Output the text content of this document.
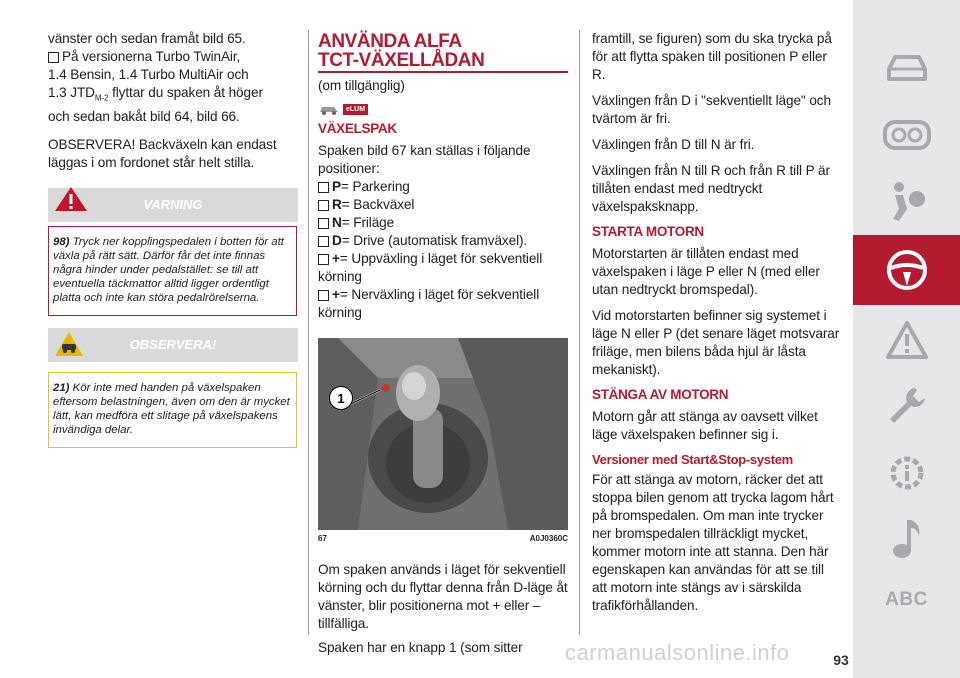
vänster och sedan framåt bild 65.

På versionerna Turbo TwinAir,
1.4 Bensin, 1.4 Turbo MultiAir och
1.3 $JTD_{M-2}$ flyttar du spaken åt höger
och sedan bakåt bild 64, bild 66.

OBSERVERA! Backväxeln kan endast läggas i om fordonet står helt stilla.

VARNING
98) Tryck ner kopplingspedalen i botten för att växla på rätt sätt. Därför får det inte finnas några hinder under pedalstället: se till att eventuella täckmattor alltid ligger ordentligt platta och inte kan störa pedalrörelserna.
OBSERVERA!
21) Kör inte med handen på växelspaken eftersom belastningen, även om den är mycket lätt, kan medföra ett slitage på växelspakens invändiga delar.
ANVÄNDA ALFA
TCT-VÄXELLÅDAN

(om tillgänglig)

eLUM
VÄXELSPAK

Spaken bild 67 kan ställas i följande positioner:

P = Parkering
R = Backväxel
N = Friläge
D = Drive (automatisk framväxel).
+ = Uppväxling i läget för sekventiell
körning
+ = Nerväxling i läget för sekventiell
körning
1
67	A0J0360C

Om spaken används i läget för sekventiell körning och du flyttar denna från D-läge åt vänster, blir positionerna mot + eller – tillfälliga.

Spaken har en knapp 1 (som sitter

framtill, se figuren) som du ska trycka på för att flytta spaken till positionen P eller R.

Växlingen från D i "sekventiellt läge" och tvärtom är fri.

Växlingen från D till N är fri.

Växlingen från N till R och från R till P är tillåten endast med nedtryckt växelspaksknapp.

STARTA MOTORN

Motorstarten är tillåten endast med växelspaken i läge P eller N (med eller utan nedtryckt bromspedal).

Vid motorstarten befinner sig systemet i läge N eller P (det senare läget motsvarar friläge, men bilens båda hjul är låsta mekaniskt).

STÄNGA AV MOTORN

Motorn går att stänga av oavsett vilket läge växelspaken befinner sig i.

Versioner med Start&Stop-system

För att stänga av motorn, räcker det att stoppa bilen genom att trycka lagom hårt på bromspedalen. Om man inte trycker ner bromspedalen tillräckligt mycket, kommer motorn inte att stanna. Den här egenskapen kan användas för att se till att motorn inte stängs av i särskilda trafikförhållanden.	ABC
carmanualsonline.info	93
